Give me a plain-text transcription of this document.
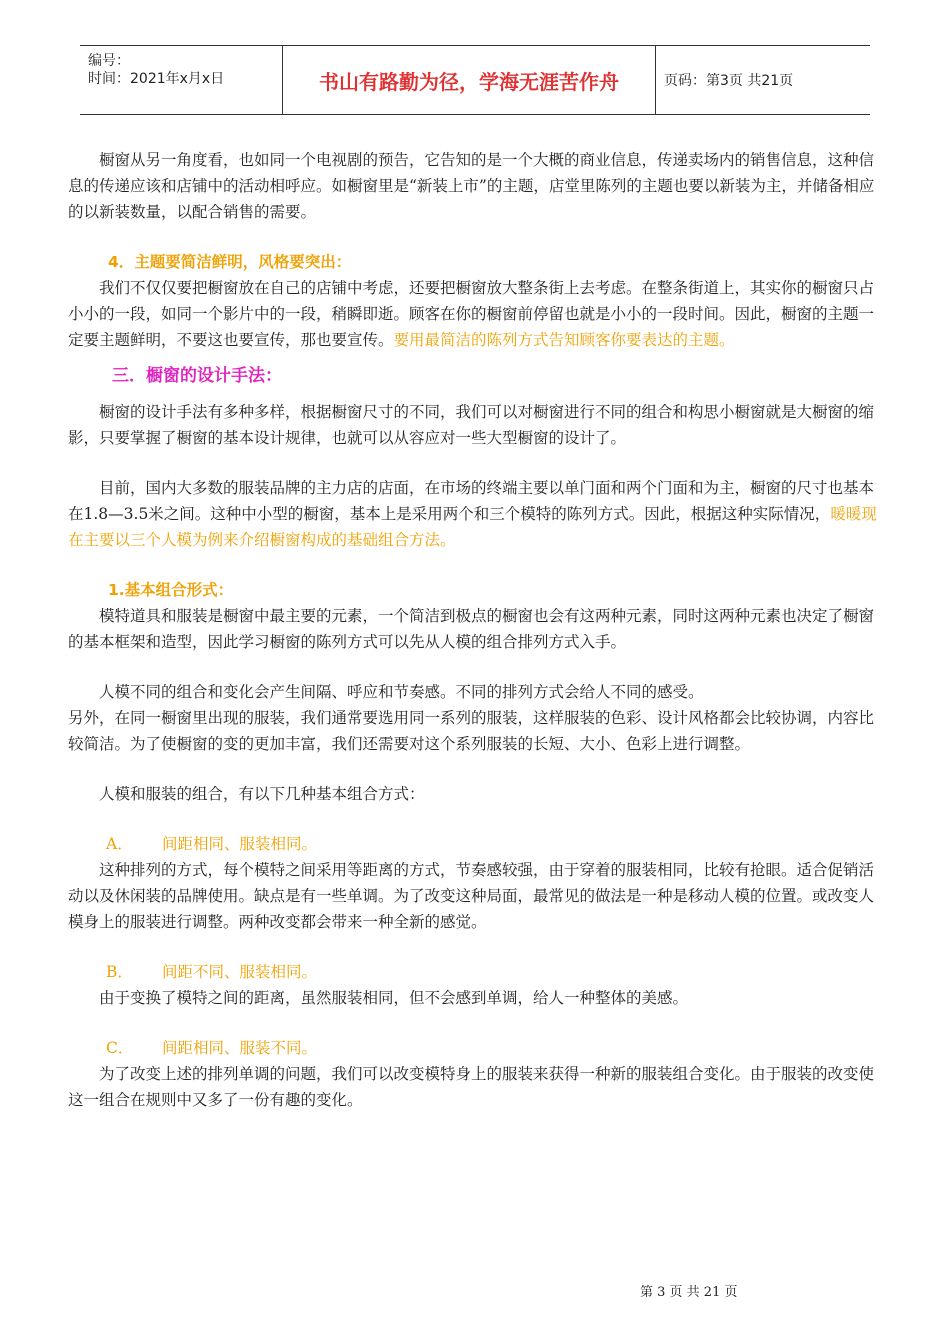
编号：
时间：2021年x月x日	书山有路勤为径，学海无涯苦作舟	页码：第3页 共21页

橱窗从另一角度看，也如同一个电视剧的预告，它告知的是一个大概的商业信息，传递卖场内的销售信息，这种信息的传递应该和店铺中的活动相呼应。如橱窗里是“新装上市”的主题，店堂里陈列的主题也要以新装为主，并储备相应的以新装数量，以配合销售的需要。

4．主题要简洁鲜明，风格要突出：

我们不仅仅要把橱窗放在自己的店铺中考虑，还要把橱窗放大整条街上去考虑。在整条街道上，其实你的橱窗只占小小的一段，如同一个影片中的一段，稍瞬即逝。顾客在你的橱窗前停留也就是小小的一段时间。因此，橱窗的主题一定要主题鲜明，不要这也要宣传，那也要宣传。要用最简洁的陈列方式告知顾客你要表达的主题。

三．橱窗的设计手法：

橱窗的设计手法有多种多样，根据橱窗尺寸的不同，我们可以对橱窗进行不同的组合和构思小橱窗就是大橱窗的缩影，只要掌握了橱窗的基本设计规律，也就可以从容应对一些大型橱窗的设计了。

目前，国内大多数的服装品牌的主力店的店面，在市场的终端主要以单门面和两个门面和为主，橱窗的尺寸也基本在1.8—3.5米之间。这种中小型的橱窗，基本上是采用两个和三个模特的陈列方式。因此，根据这种实际情况，暖暖现在主要以三个人模为例来介绍橱窗构成的基础组合方法。

1.基本组合形式：

模特道具和服装是橱窗中最主要的元素，一个简洁到极点的橱窗也会有这两种元素，同时这两种元素也决定了橱窗的基本框架和造型，因此学习橱窗的陈列方式可以先从人模的组合排列方式入手。

人模不同的组合和变化会产生间隔、呼应和节奏感。不同的排列方式会给人不同的感受。

另外，在同一橱窗里出现的服装，我们通常要选用同一系列的服装，这样服装的色彩、设计风格都会比较协调，内容比较简洁。为了使橱窗的变的更加丰富，我们还需要对这个系列服装的长短、大小、色彩上进行调整。

人模和服装的组合，有以下几种基本组合方式：

A． 间距相同、服装相同。

这种排列的方式，每个模特之间采用等距离的方式，节奏感较强，由于穿着的服装相同，比较有抢眼。适合促销活动以及休闲装的品牌使用。缺点是有一些单调。为了改变这种局面，最常见的做法是一种是移动人模的位置。或改变人模身上的服装进行调整。两种改变都会带来一种全新的感觉。

B． 间距不同、服装相同。

由于变换了模特之间的距离，虽然服装相同，但不会感到单调，给人一种整体的美感。

C． 间距相同、服装不同。

为了改变上述的排列单调的问题，我们可以改变模特身上的服装来获得一种新的服装组合变化。由于服装的改变使这一组合在规则中又多了一份有趣的变化。

第 3 页 共 21 页
